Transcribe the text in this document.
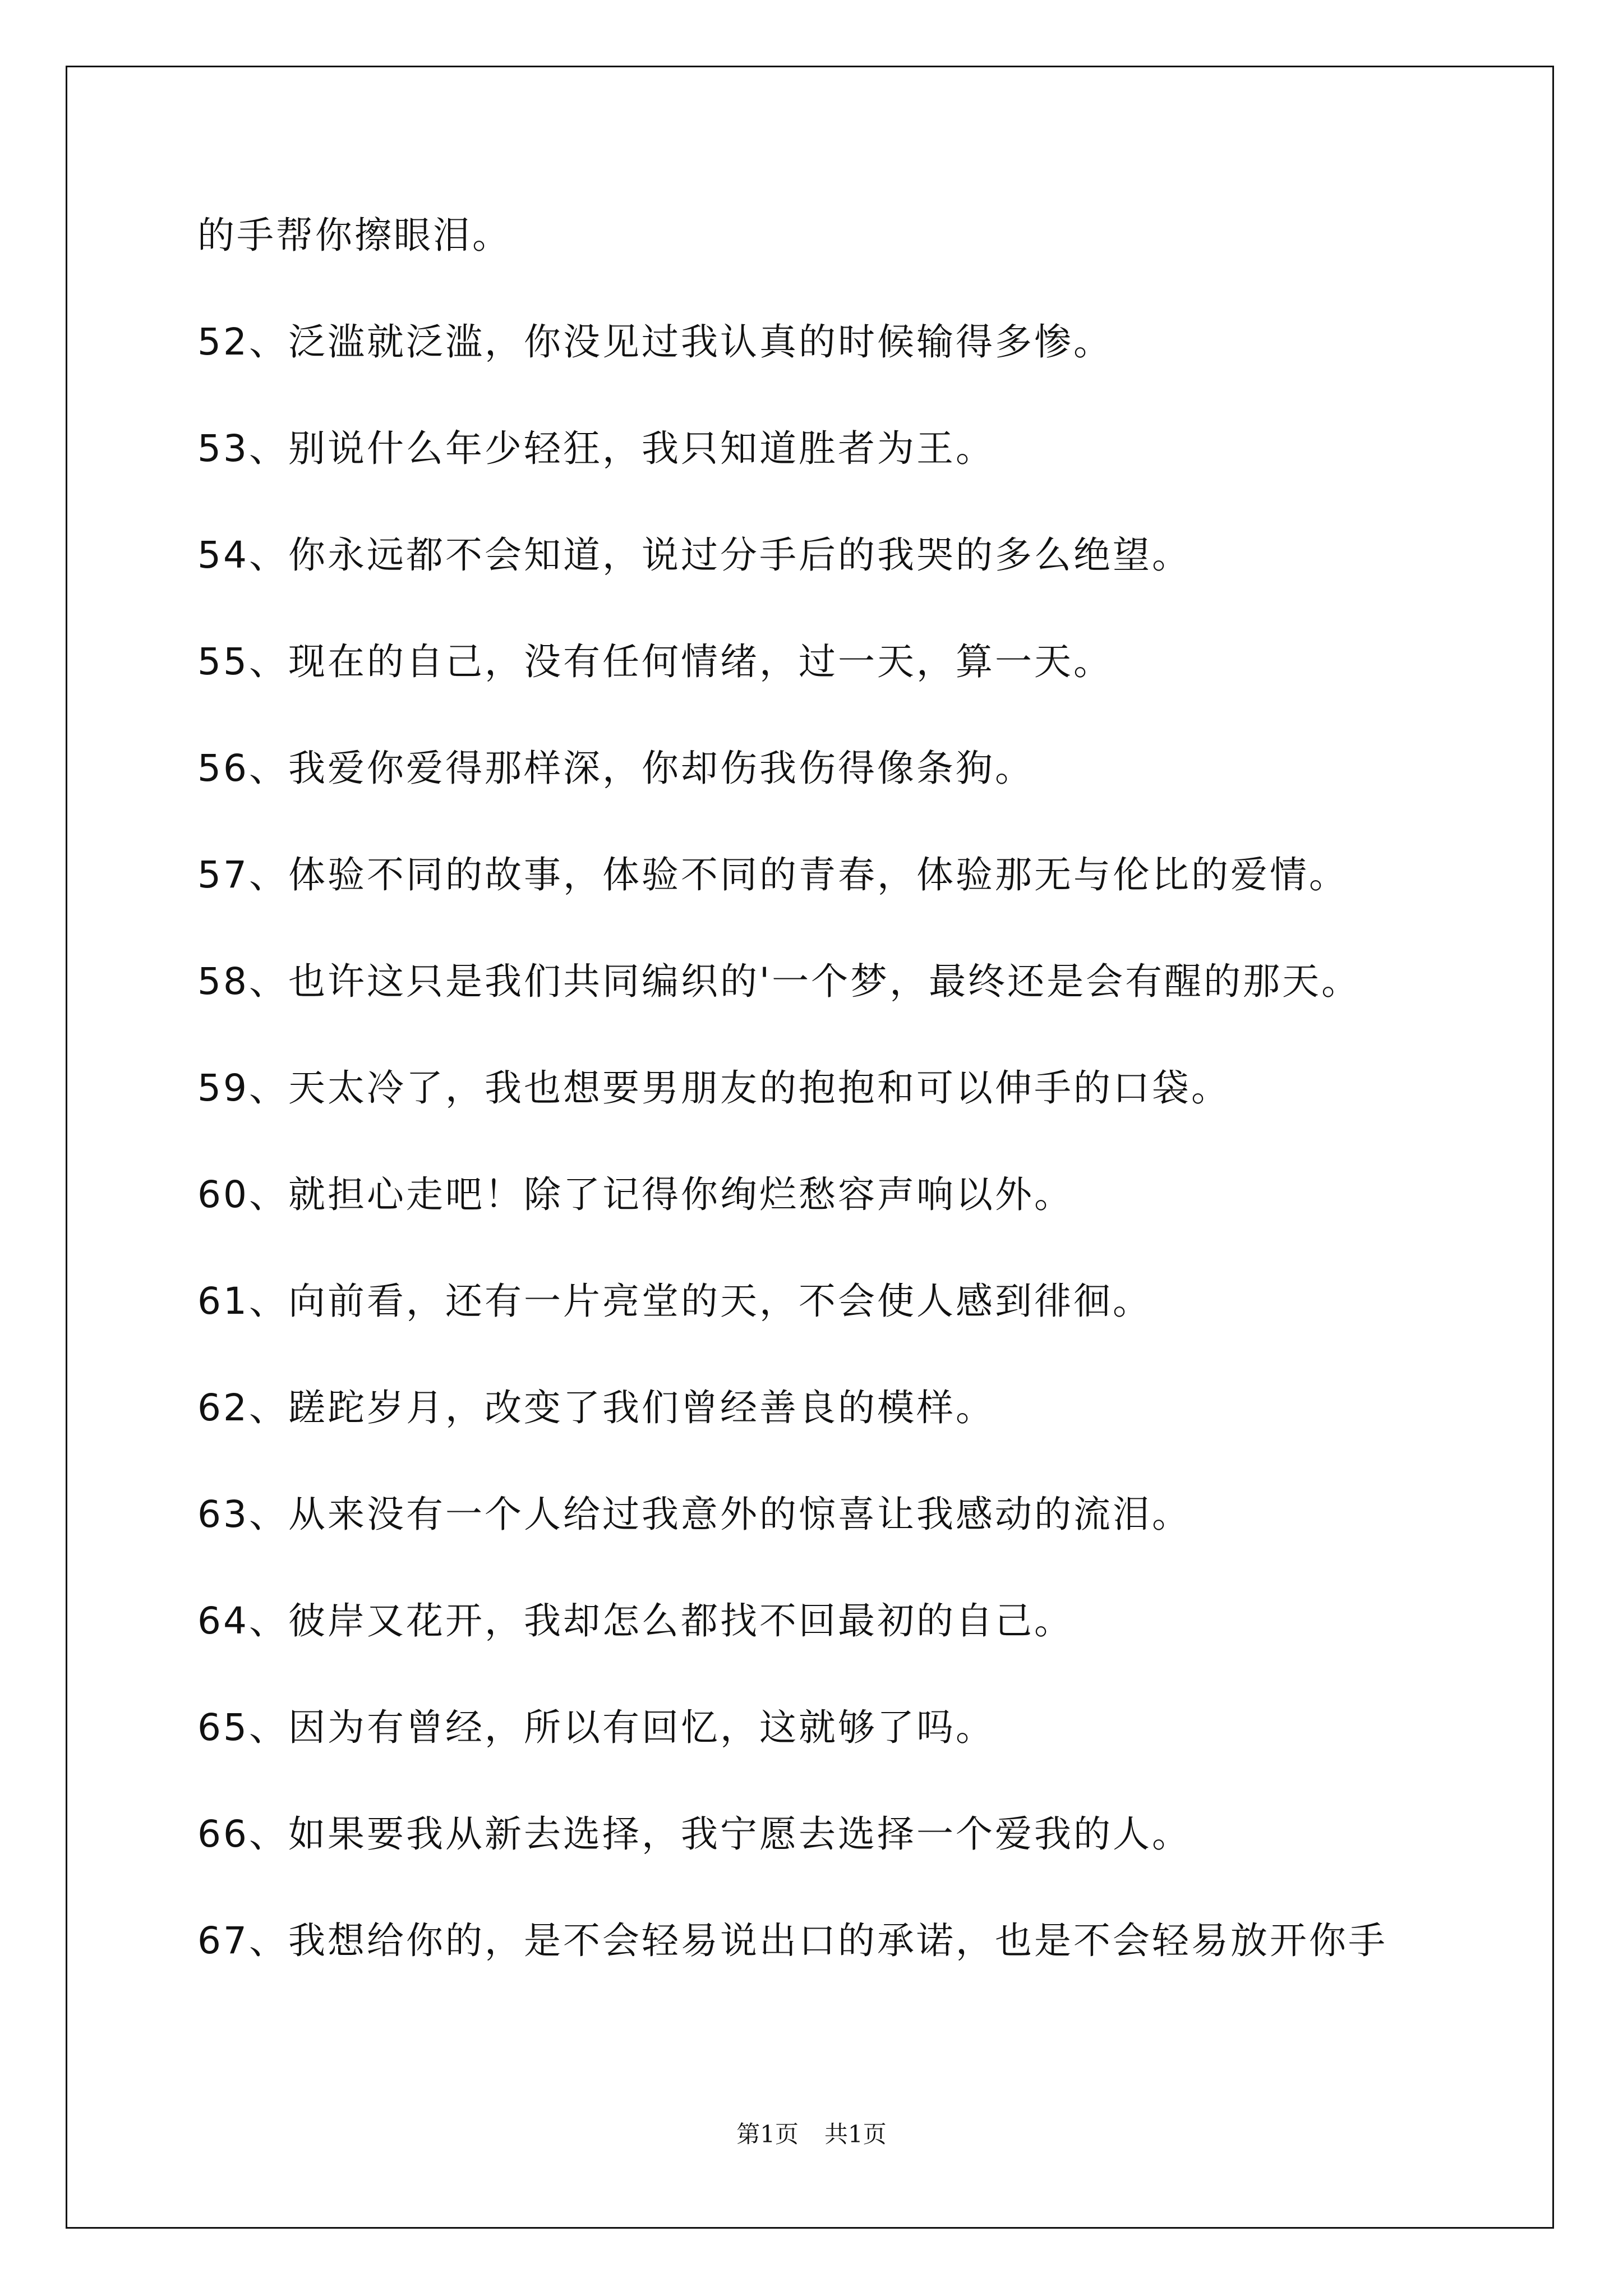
的手帮你擦眼泪。
52、泛滥就泛滥，你没见过我认真的时候输得多惨。
53、别说什么年少轻狂，我只知道胜者为王。
54、你永远都不会知道，说过分手后的我哭的多么绝望。
55、现在的自己，没有任何情绪，过一天，算一天。
56、我爱你爱得那样深，你却伤我伤得像条狗。
57、体验不同的故事，体验不同的青春，体验那无与伦比的爱情。
58、也许这只是我们共同编织的'一个梦，最终还是会有醒的那天。
59、天太冷了，我也想要男朋友的抱抱和可以伸手的口袋。
60、就担心走吧！除了记得你绚烂愁容声响以外。
61、向前看，还有一片亮堂的天，不会使人感到徘徊。
62、蹉跎岁月，改变了我们曾经善良的模样。
63、从来没有一个人给过我意外的惊喜让我感动的流泪。
64、彼岸又花开，我却怎么都找不回最初的自己。
65、因为有曾经，所以有回忆，这就够了吗。
66、如果要我从新去选择，我宁愿去选择一个爱我的人。
67、我想给你的，是不会轻易说出口的承诺，也是不会轻易放开你手
第1页 共1页
